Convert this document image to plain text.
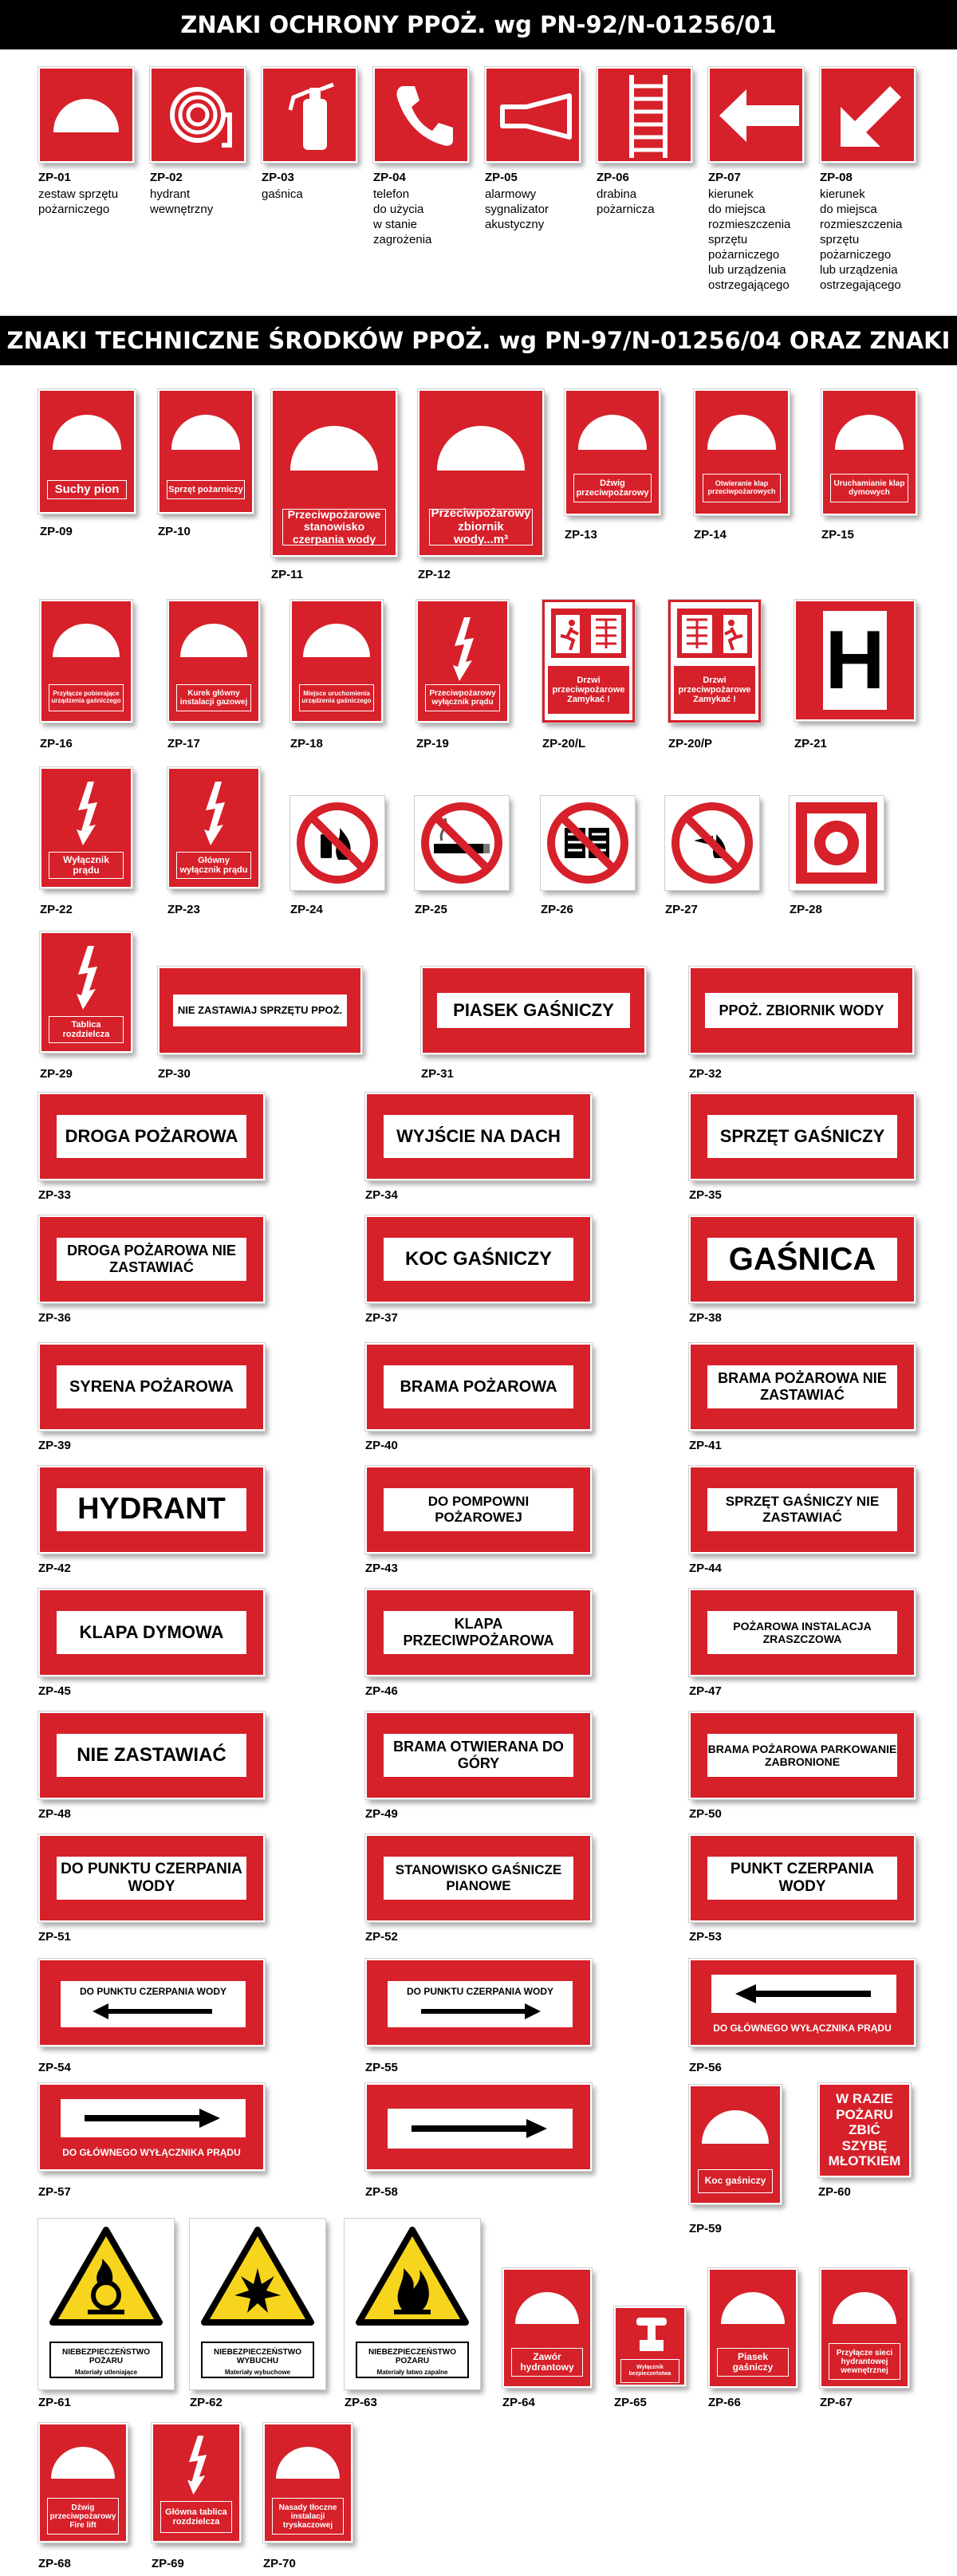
ZNAKI OCHRONY PPOŻ. wg PN-92/N-01256/01
ZNAKI TECHNICZNE ŚRODKÓW PPOŻ. wg PN-97/N-01256/04 ORAZ ZNAKI
ZP-01
zestaw sprzętu
pożarniczego
ZP-02
hydrant
wewnętrzny
ZP-03
gaśnica
ZP-04
telefon
do użycia
w stanie
zagrożenia
ZP-05
alarmowy
sygnalizator
akustyczny
ZP-06
drabina
pożarnicza
ZP-07
kierunek
do miejsca
rozmieszczenia
sprzętu
pożarniczego
lub urządzenia
ostrzegającego
ZP-08
kierunek
do miejsca
rozmieszczenia
sprzętu
pożarniczego
lub urządzenia
ostrzegającego
Suchy pion
ZP-09
Sprzęt pożarniczy
ZP-10
Przeciwpożarowe stanowisko czerpania wody
ZP-11
Przeciwpożarowy zbiornik wody...m³
ZP-12
Dźwig przeciwpożarowy
ZP-13
Otwieranie klap przeciwpożarowych
ZP-14
Uruchamianie klap dymowych
ZP-15
Przyłącze pobierające urządzenia gaśniczego
ZP-16
Kurek główny instalacji gazowej
ZP-17
Miejsce uruchomienia urządzenia gaśniczego
ZP-18
Przeciwpożarowy wyłącznik prądu
ZP-19
Drzwi przeciwpożarowe Zamykać !
ZP-20/L
Drzwi przeciwpożarowe Zamykać !
ZP-20/P
H
ZP-21
Wyłącznik prądu
ZP-22
Główny wyłącznik prądu
ZP-23	ZP-24	ZP-25	ZP-26	ZP-27	ZP-28
Tablica rozdzielcza
ZP-29
NIE ZASTAWIAJ SPRZĘTU PPOŻ.
ZP-30
PIASEK GAŚNICZY
ZP-31
PPOŻ. ZBIORNIK WODY
ZP-32
DROGA POŻAROWA
ZP-33
WYJŚCIE NA DACH
ZP-34
SPRZĘT GAŚNICZY
ZP-35
DROGA POŻAROWA NIE ZASTAWIAĆ
ZP-36
KOC GAŚNICZY
ZP-37
GAŚNICA
ZP-38
SYRENA POŻAROWA
ZP-39
BRAMA POŻAROWA
ZP-40
BRAMA POŻAROWA NIE ZASTAWIAĆ
ZP-41
HYDRANT
ZP-42
DO POMPOWNI POŻAROWEJ
ZP-43
SPRZĘT GAŚNICZY NIE ZASTAWIAĆ
ZP-44
KLAPA DYMOWA
ZP-45
KLAPA PRZECIWPOŻAROWA
ZP-46
POŻAROWA INSTALACJA ZRASZCZOWA
ZP-47
NIE ZASTAWIAĆ
ZP-48
BRAMA OTWIERANA DO GÓRY
ZP-49
BRAMA POŻAROWA PARKOWANIE ZABRONIONE
ZP-50
DO PUNKTU CZERPANIA WODY
ZP-51
STANOWISKO GAŚNICZE PIANOWE
ZP-52
PUNKT CZERPANIA WODY
ZP-53
DO PUNKTU CZERPANIA WODY
ZP-54
DO PUNKTU CZERPANIA WODY
ZP-55
DO GŁÓWNEGO WYŁĄCZNIKA PRĄDU
ZP-56
DO GŁÓWNEGO WYŁĄCZNIKA PRĄDU
ZP-57	ZP-58
Koc gaśniczy
ZP-59
W RAZIE POŻARU ZBIĆ SZYBĘ MŁOTKIEM
ZP-60
NIEBEZPIECZEŃSTWO POŻARU
Materiały utleniające
ZP-61
NIEBEZPIECZEŃSTWO WYBUCHU
Materiały wybuchowe
ZP-62
NIEBEZPIECZEŃSTWO POŻARU
Materiały łatwo zapalne
ZP-63
Zawór hydrantowy
ZP-64
Wyłącznik bezpieczeństwa
ZP-65
Piasek gaśniczy
ZP-66
Przyłącze sieci hydrantowej wewnętrznej
ZP-67
Dźwig przeciwpożarowy Fire lift
ZP-68
Główna tablica rozdzielcza
ZP-69
Nasady tłoczne instalacji tryskaczowej
ZP-70
